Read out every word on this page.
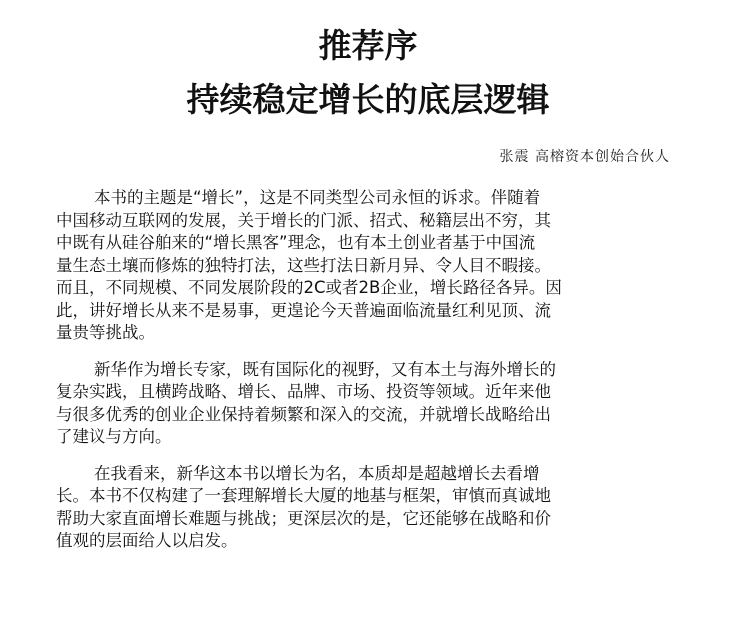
推荐序
持续稳定增长的底层逻辑
张震 高榕资本创始合伙人

本书的主题是“增长”，这是不同类型公司永恒的诉求。伴随着
中国移动互联网的发展，关于增长的门派、招式、秘籍层出不穷，其
中既有从硅谷舶来的“增长黑客”理念，也有本土创业者基于中国流
量生态土壤而修炼的独特打法，这些打法日新月异、令人目不暇接。
而且，不同规模、不同发展阶段的2C或者2B企业，增长路径各异。因
此，讲好增长从来不是易事，更遑论今天普遍面临流量红利见顶、流
量贵等挑战。

新华作为增长专家，既有国际化的视野，又有本土与海外增长的
复杂实践，且横跨战略、增长、品牌、市场、投资等领域。近年来他
与很多优秀的创业企业保持着频繁和深入的交流，并就增长战略给出
了建议与方向。

在我看来，新华这本书以增长为名，本质却是超越增长去看增
长。本书不仅构建了一套理解增长大厦的地基与框架，审慎而真诚地
帮助大家直面增长难题与挑战；更深层次的是，它还能够在战略和价
值观的层面给人以启发。
